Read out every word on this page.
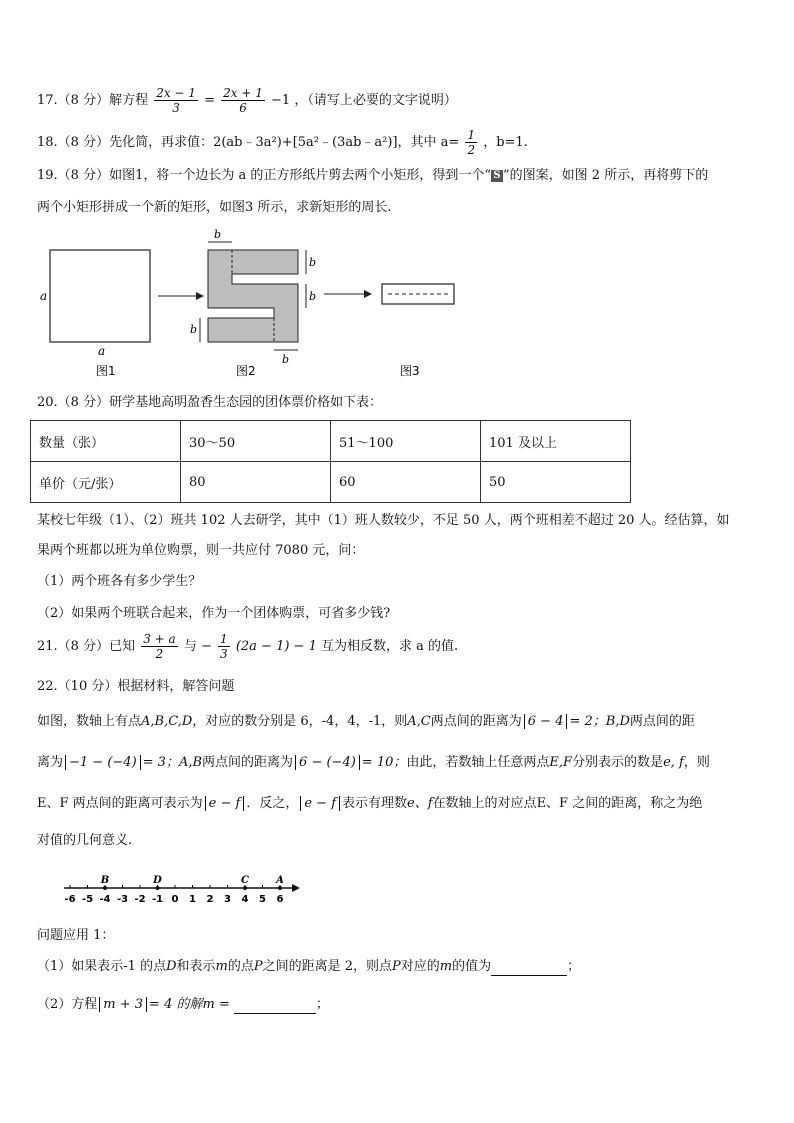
17.（8 分）解方程 $\frac{2x - 1}{3} = \frac{2x + 1}{6} -1$ ，（请写上必要的文字说明）
18.（8 分）先化简，再求值：2(ab﹣3a²)+[5a²﹣(3ab﹣a²)]，其中 $a= \frac{1}{2}$ ，b=1.
19.（8 分）如图1，将一个边长为 a 的正方形纸片剪去两个小矩形，得到一个“ S ”的图案，如图 2 所示，再将剪下的
两个小矩形拼成一个新的矩形，如图3 所示，求新矩形的周长.
a
a
b
b
b
b
b
图1	图2	图3
20.（8 分）研学基地高明盈香生态园的团体票价格如下表：
数量（张）	30～50	51～100	101 及以上
单价（元/张）	80	60	50
某校七年级（1）、（2）班共 102 人去研学，其中（1）班人数较少，不足 50 人，两个班相差不超过 20 人。经估算，如
果两个班都以班为单位购票，则一共应付 7080 元，问：
（1）两个班各有多少学生？
（2）如果两个班联合起来，作为一个团体购票，可省多少钱?
21.（8 分）已知 $\frac{3 + a}{2}$ 与 − $\frac{1}{3} (2a - 1) - 1$ 互为相反数，求 a 的值.
22.（10 分）根据材料，解答问题
如图，数轴上有点A,B,C,D，对应的数分别是 6，-4，4，-1，则A,C两点间的距离为 6 − 4 = 2；B,D两点间的距
离为 −1 − (−4) = 3；A,B两点间的距离为 6 − (−4) = 10；由此，若数轴上任意两点E,F分别表示的数是e, f，则
E、F 两点间的距离可表示为 e − f ．反之， e − f 表示有理数e、f在数轴上的对应点E、F 之间的距离，称之为绝
对值的几何意义.
-6 -5 -4 -3 -2 -1 0 1 2 3 4 5 6
B	D	C	A
问题应用 1：
（1）如果表示-1 的点D和表示m的点P之间的距离是 2，则点P对应的m的值为	；
（2）方程 m + 3 = 4 的解m =	；
